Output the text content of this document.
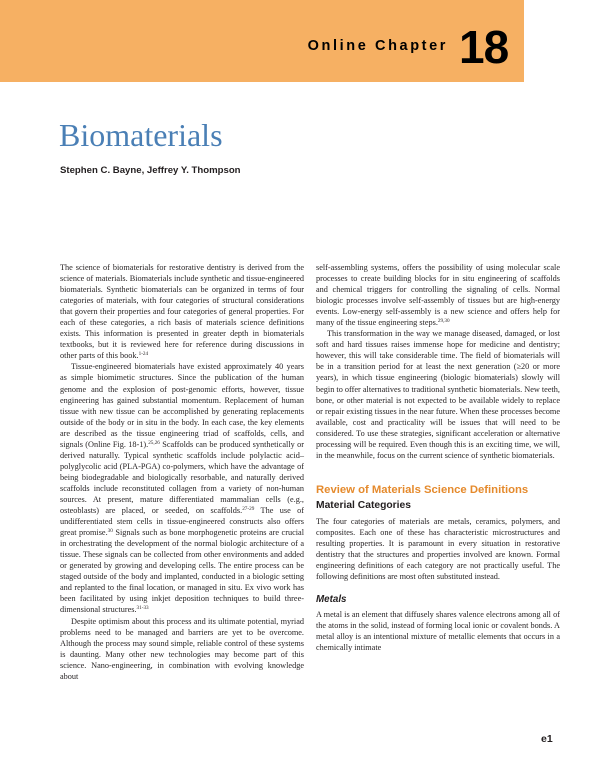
Online Chapter 18
Biomaterials
Stephen C. Bayne, Jeffrey Y. Thompson

The science of biomaterials for restorative dentistry is derived from the science of materials. Biomaterials include synthetic and tissue-engineered biomaterials. Synthetic biomaterials can be organized in terms of four categories of materials, with four categories of structural considerations that govern their properties and four categories of general properties. For each of these categories, a rich basis of materials science definitions exists. This information is presented in greater depth in biomaterials textbooks, but it is reviewed here for reference during discussions in other parts of this book.$^{1-24}$

Tissue-engineered biomaterials have existed approximately 40 years as simple biomimetic structures. Since the publication of the human genome and the explosion of post-genomic efforts, however, tissue engineering has gained substantial momentum. Replacement of human tissue with new tissue can be accomplished by generating replacements outside of the body or in situ in the body. In each case, the key elements are described as the tissue engineering triad of scaffolds, cells, and signals (Online Fig. 18-1).$^{25,26}$ Scaffolds can be produced synthetically or derived naturally. Typical synthetic scaffolds include polylactic acid–polyglycolic acid (PLA-PGA) co-polymers, which have the advantage of being biodegradable and biologically resorbable, and naturally derived scaffolds include reconstituted collagen from a variety of non-human sources. At present, mature differentiated mammalian cells (e.g., osteoblasts) are placed, or seeded, on scaffolds.$^{27-29}$ The use of undifferentiated stem cells in tissue-engineered constructs also offers great promise.$^{30}$ Signals such as bone morphogenetic proteins are crucial in orchestrating the development of the normal biologic architecture of a tissue. These signals can be collected from other environments and added or generated by growing and developing cells. The entire process can be staged outside of the body and implanted, conducted in a biologic setting and replanted to the final location, or managed in situ. Ex vivo work has been facilitated by using inkjet deposition techniques to build three-dimensional structures.$^{31-33}$

Despite optimism about this process and its ultimate potential, myriad problems need to be managed and barriers are yet to be overcome. Although the process may sound simple, reliable control of these systems is daunting. Many other new technologies may become part of this science. Nano-engineering, in combination with evolving knowledge about

self-assembling systems, offers the possibility of using molecular scale processes to create building blocks for in situ engineering of scaffolds and chemical triggers for controlling the signaling of cells. Normal biologic processes involve self-assembly of tissues but are high-energy events. Low-energy self-assembly is a new science and offers help for many of the tissue engineering steps.$^{29,30}$

This transformation in the way we manage diseased, damaged, or lost soft and hard tissues raises immense hope for medicine and dentistry; however, this will take considerable time. The field of biomaterials will be in a transition period for at least the next generation (≥20 or more years), in which tissue engineering (biologic biomaterials) slowly will begin to offer alternatives to traditional synthetic biomaterials. New teeth, bone, or other material is not expected to be available widely to replace or repair existing tissues in the near future. When these processes become available, cost and practicality will be issues that will need to be considered. To use these strategies, significant acceleration or alternative processing will be required. Even though this is an exciting time, we will, in the meanwhile, focus on the current science of synthetic biomaterials.

Review of Materials Science Definitions
Material Categories

The four categories of materials are metals, ceramics, polymers, and composites. Each one of these has characteristic microstructures and resulting properties. It is paramount in every situation in restorative dentistry that the structures and properties involved are known. Formal engineering definitions of each category are not practically useful. The following definitions are most often substituted instead.

Metals

A metal is an element that diffusely shares valence electrons among all of the atoms in the solid, instead of forming local ionic or covalent bonds. A metal alloy is an intentional mixture of metallic elements that occurs in a chemically intimate

e1
